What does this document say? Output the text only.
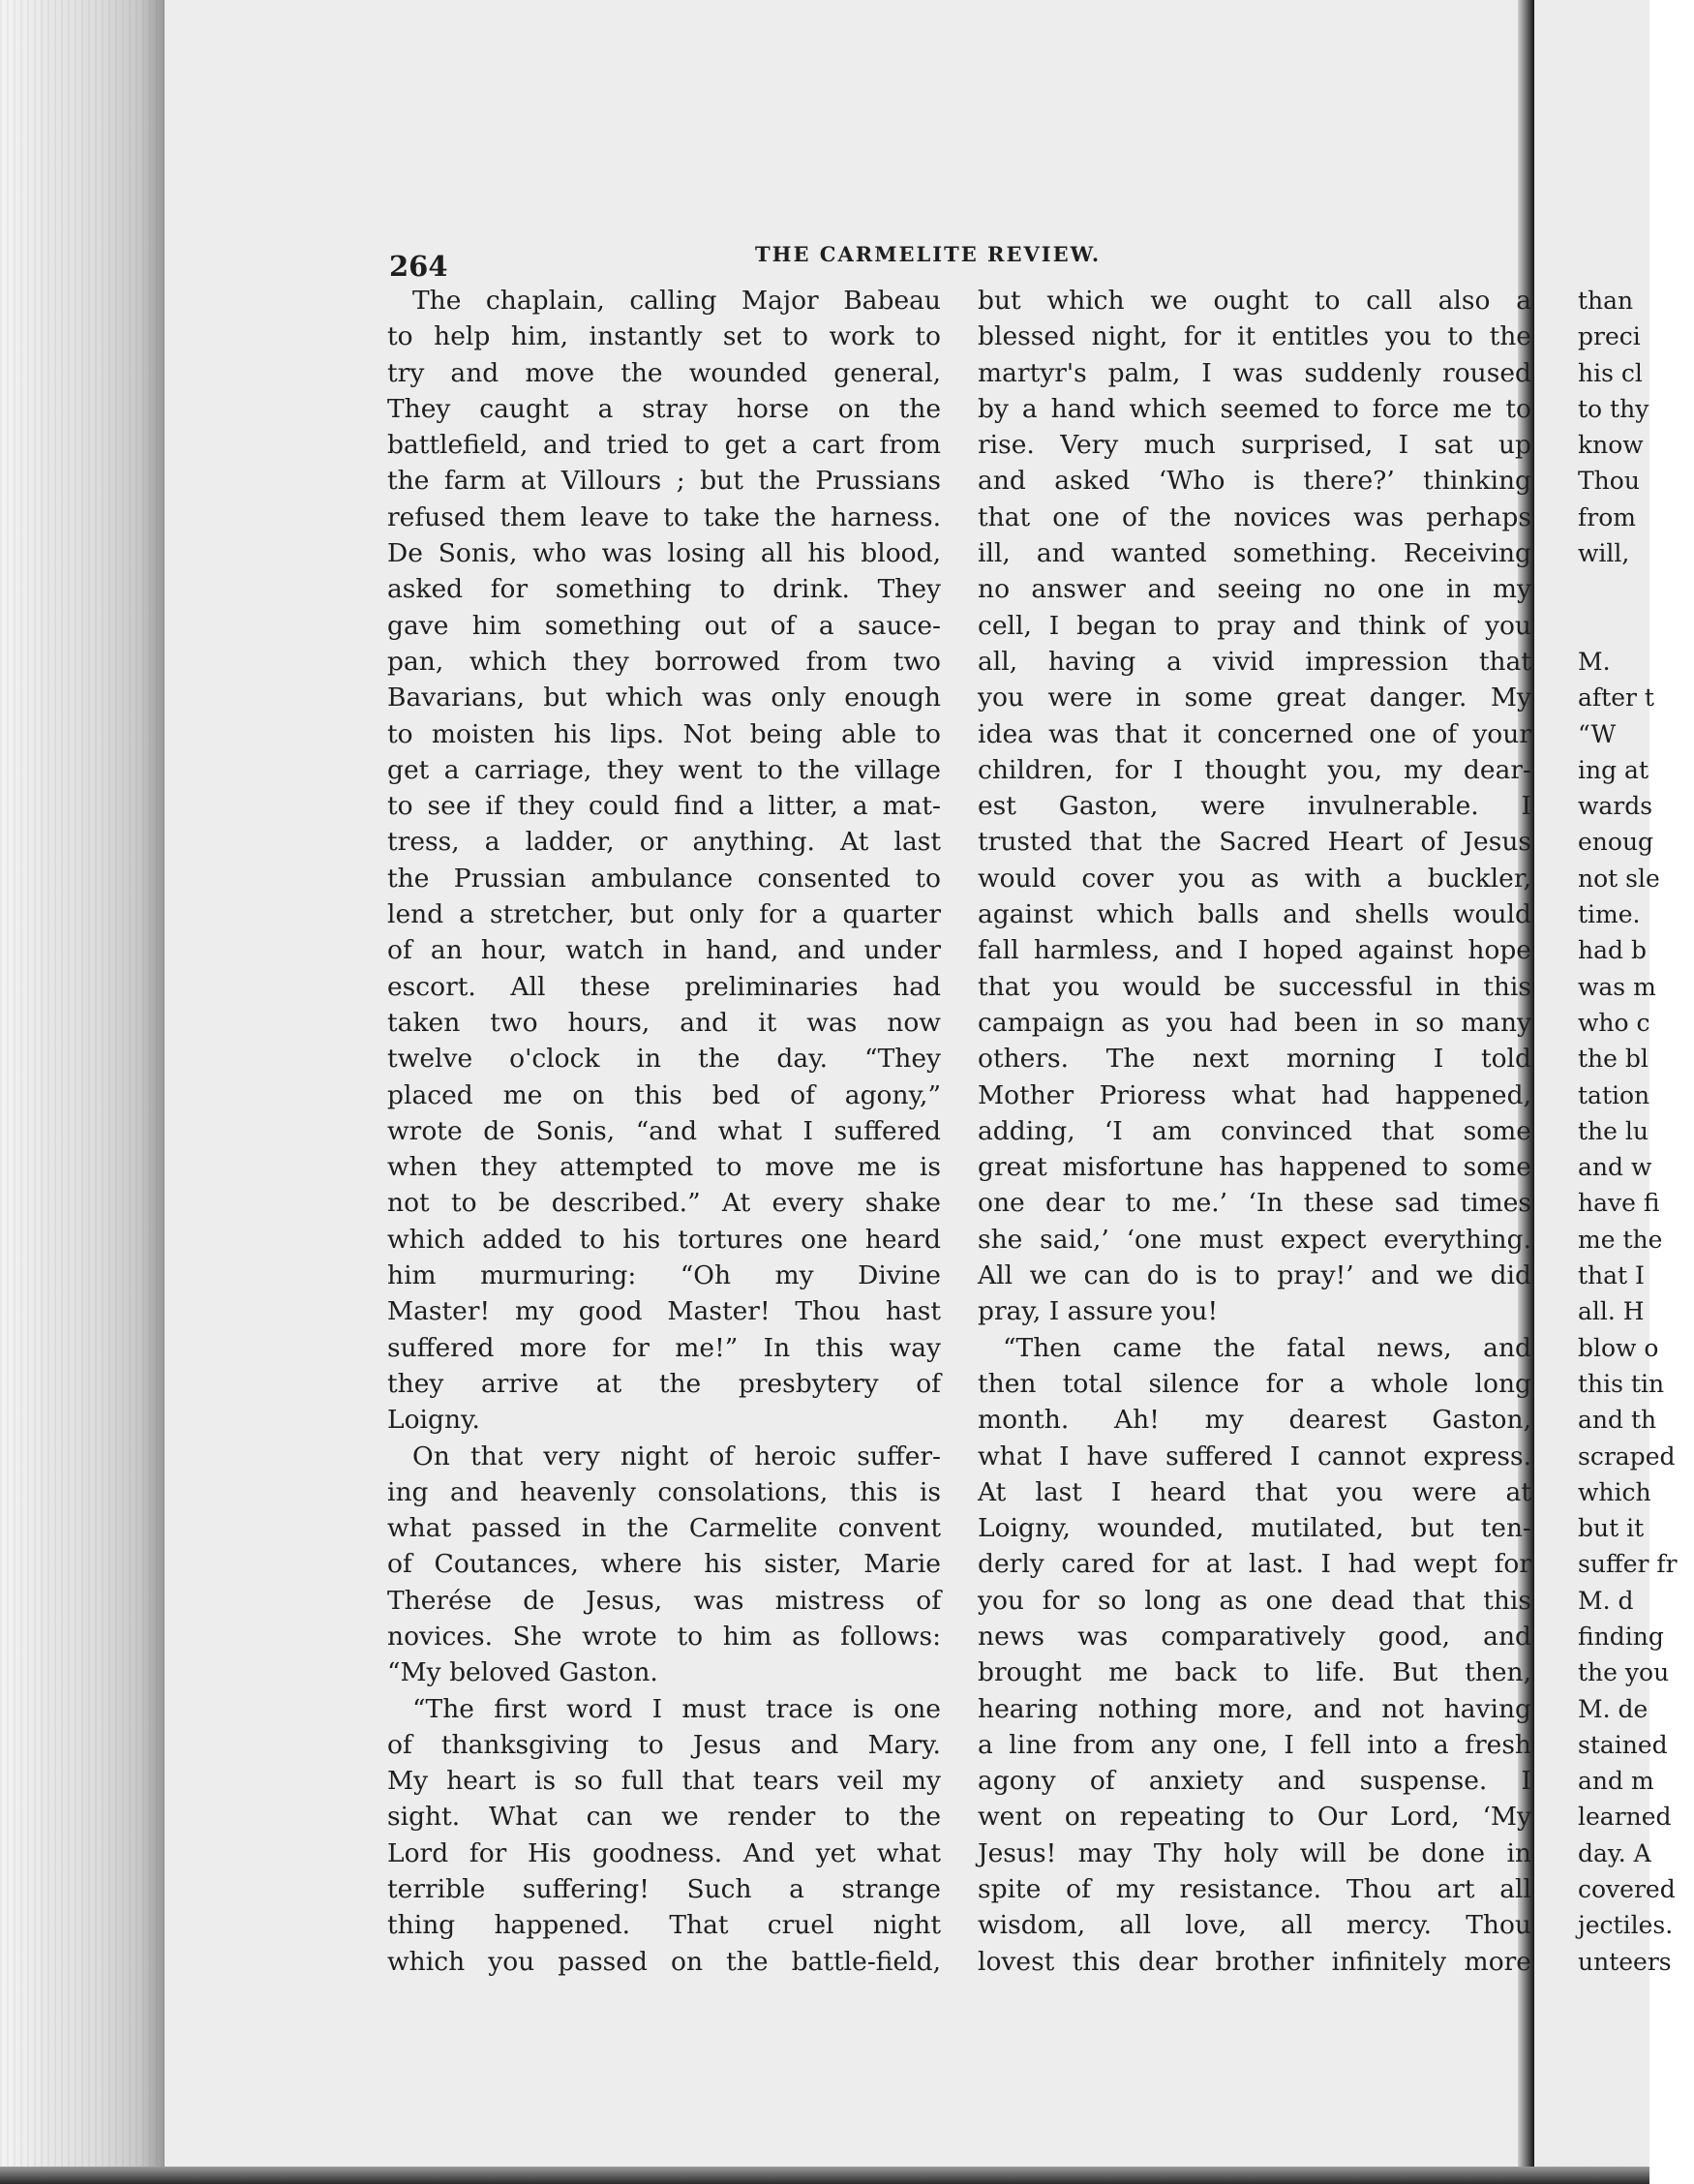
264	THE CARMELITE REVIEW.
The chaplain, calling Major Babeau
to help him, instantly set to work to
try and move the wounded general,
They caught a stray horse on the
battlefield, and tried to get a cart from
the farm at Villours ; but the Prussians
refused them leave to take the harness.
De Sonis, who was losing all his blood,
asked for something to drink. They
gave him something out of a sauce-
pan, which they borrowed from two
Bavarians, but which was only enough
to moisten his lips. Not being able to
get a carriage, they went to the village
to see if they could find a litter, a mat-
tress, a ladder, or anything. At last
the Prussian ambulance consented to
lend a stretcher, but only for a quarter
of an hour, watch in hand, and under
escort. All these preliminaries had
taken two hours, and it was now
twelve o'clock in the day. “They
placed me on this bed of agony,”
wrote de Sonis, “and what I suffered
when they attempted to move me is
not to be described.” At every shake
which added to his tortures one heard
him murmuring: “Oh my Divine
Master! my good Master! Thou hast
suffered more for me!” In this way
they arrive at the presbytery of
Loigny.
On that very night of heroic suffer-
ing and heavenly consolations, this is
what passed in the Carmelite convent
of Coutances, where his sister, Marie
Therése de Jesus, was mistress of
novices. She wrote to him as follows:
“My beloved Gaston.
“The first word I must trace is one
of thanksgiving to Jesus and Mary.
My heart is so full that tears veil my
sight. What can we render to the
Lord for His goodness. And yet what
terrible suffering! Such a strange
thing happened. That cruel night
which you passed on the battle-field,
but which we ought to call also a
blessed night, for it entitles you to the
martyr's palm, I was suddenly roused
by a hand which seemed to force me to
rise. Very much surprised, I sat up
and asked ‘Who is there?’ thinking
that one of the novices was perhaps
ill, and wanted something. Receiving
no answer and seeing no one in my
cell, I began to pray and think of you
all, having a vivid impression that
you were in some great danger. My
idea was that it concerned one of your
children, for I thought you, my dear-
est Gaston, were invulnerable. I
trusted that the Sacred Heart of Jesus
would cover you as with a buckler,
against which balls and shells would
fall harmless, and I hoped against hope
that you would be successful in this
campaign as you had been in so many
others. The next morning I told
Mother Prioress what had happened,
adding, ‘I am convinced that some
great misfortune has happened to some
one dear to me.’ ‘In these sad times
she said,’ ‘one must expect everything.
All we can do is to pray!’ and we did
pray, I assure you!
“Then came the fatal news, and
then total silence for a whole long
month. Ah! my dearest Gaston,
what I have suffered I cannot express.
At last I heard that you were at
Loigny, wounded, mutilated, but ten-
derly cared for at last. I had wept for
you for so long as one dead that this
news was comparatively good, and
brought me back to life. But then,
hearing nothing more, and not having
a line from any one, I fell into a fresh
agony of anxiety and suspense. I
went on repeating to Our Lord, ‘My
Jesus! may Thy holy will be done in
spite of my resistance. Thou art all
wisdom, all love, all mercy. Thou
lovest this dear brother infinitely more
than
preci
his cl
to thy
know
Thou
from
will,
M.
after t
“W
ing at
wards
enoug
not sle
time.
had b
was m
who c
the bl
tation
the lu
and w
have fi
me the
that I
all. H
blow o
this tin
and th
scraped
which
but it
suffer fr
M. d
finding
the you
M. de
stained
and m
learned
day. A
covered
jectiles.
unteers
